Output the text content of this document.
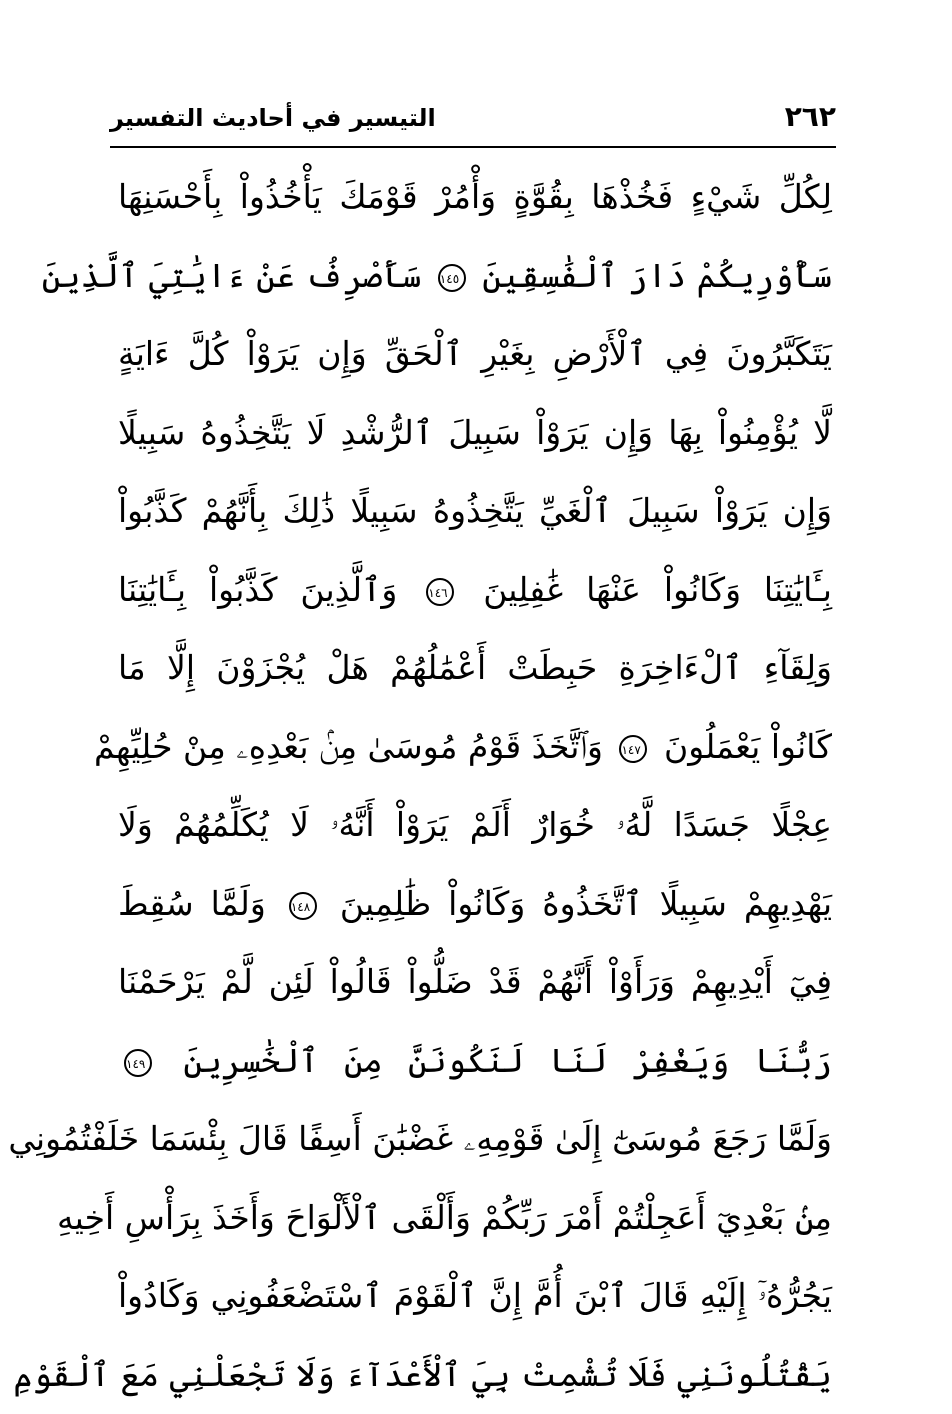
٢٦٢
التيسير في أحاديث التفسير
لِكُلِّ شَيْءٍ فَخُذْهَا بِقُوَّةٍ وَأْمُرْ قَوْمَكَ يَأْخُذُواْ بِأَحْسَنِهَا
سَأُوْرِيكُمْ دَارَ ٱلْفَٰسِقِينَ ١٤٥ سَأَصْرِفُ عَنْ ءَايَٰتِيَ ٱلَّذِينَ
يَتَكَبَّرُونَ فِي ٱلْأَرْضِ بِغَيْرِ ٱلْحَقِّ وَإِن يَرَوْاْ كُلَّ ءَايَةٍ
لَّا يُؤْمِنُواْ بِهَا وَإِن يَرَوْاْ سَبِيلَ ٱلرُّشْدِ لَا يَتَّخِذُوهُ سَبِيلًا
وَإِن يَرَوْاْ سَبِيلَ ٱلْغَيِّ يَتَّخِذُوهُ سَبِيلًا ذَٰلِكَ بِأَنَّهُمْ كَذَّبُواْ
بِـَٔايَٰتِنَا وَكَانُواْ عَنْهَا غَٰفِلِينَ ١٤٦ وَٱلَّذِينَ كَذَّبُواْ بِـَٔايَٰتِنَا
وَلِقَآءِ ٱلْءَاخِرَةِ حَبِطَتْ أَعْمَٰلُهُمْ هَلْ يُجْزَوْنَ إِلَّا مَا
كَانُواْ يَعْمَلُونَ ١٤٧ وَٱتَّخَذَ قَوْمُ مُوسَىٰ مِنۢ بَعْدِهِۦ مِنْ حُلِيِّهِمْ
عِجْلًا جَسَدًا لَّهُۥ خُوَارٌ أَلَمْ يَرَوْاْ أَنَّهُۥ لَا يُكَلِّمُهُمْ وَلَا
يَهْدِيهِمْ سَبِيلًا ٱتَّخَذُوهُ وَكَانُواْ ظَٰلِمِينَ ١٤٨ وَلَمَّا سُقِطَ
فِيٓ أَيْدِيهِمْ وَرَأَوْاْ أَنَّهُمْ قَدْ ضَلُّواْ قَالُواْ لَئِن لَّمْ يَرْحَمْنَا
رَبُّنَا وَيَغْفِرْ لَنَا لَنَكُونَنَّ مِنَ ٱلْخَٰسِرِينَ ١٤٩
وَلَمَّا رَجَعَ مُوسَىٰٓ إِلَىٰ قَوْمِهِۦ غَضْبَٰنَ أَسِفًا قَالَ بِئْسَمَا خَلَفْتُمُونِي
مِنۢ بَعْدِيٓ أَعَجِلْتُمْ أَمْرَ رَبِّكُمْ وَأَلْقَى ٱلْأَلْوَاحَ وَأَخَذَ بِرَأْسِ أَخِيهِ
يَجُرُّهُۥٓ إِلَيْهِ قَالَ ٱبْنَ أُمَّ إِنَّ ٱلْقَوْمَ ٱسْتَضْعَفُونِي وَكَادُواْ
يَقْتُلُونَنِي فَلَا تُشْمِتْ بِيَ ٱلْأَعْدَآءَ وَلَا تَجْعَلْنِي مَعَ ٱلْقَوْمِ
